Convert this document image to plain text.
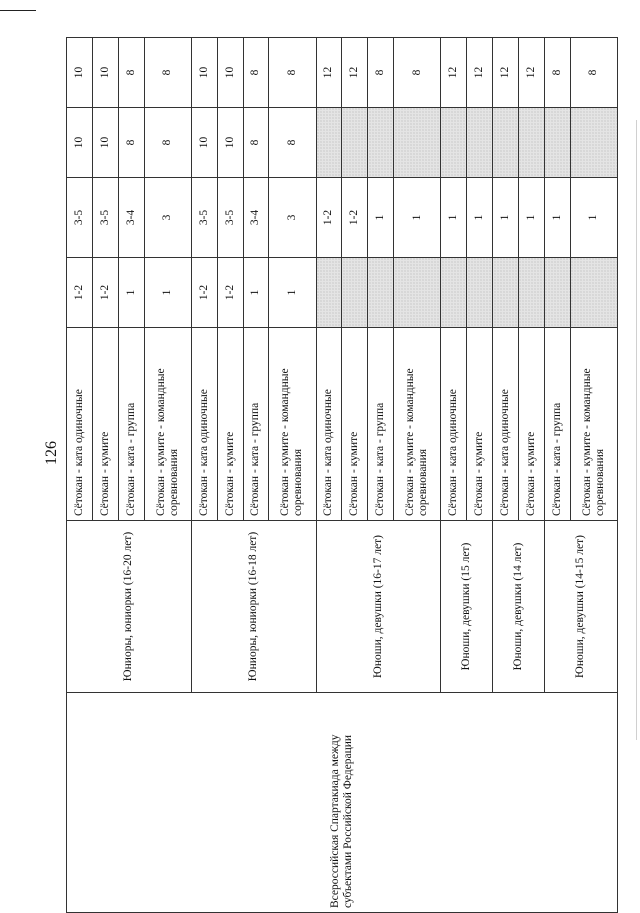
126
Всероссийская Спартакиада между субъектами Российской Федерации	Юниоры, юниорки (16-20 лет)	Сётокан - ката одиночные	1-2	3-5	10	10
		Сётокан - кумите	1-2	3-5	10	10
		Сётокан - ката - группа	1	3-4	8	8
		Сётокан - кумите - командные соревнования	1	3	8	8
	Юниоры, юниорки (16-18 лет)	Сётокан - ката одиночные	1-2	3-5	10	10
		Сётокан - кумите	1-2	3-5	10	10
		Сётокан - ката - группа	1	3-4	8	8
		Сётокан - кумите - командные соревнования	1	3	8	8
	Юноши, девушки (16-17 лет)	Сётокан - ката одиночные		1-2		12
		Сётокан - кумите		1-2		12
		Сётокан - ката - группа		1		8
		Сётокан - кумите - командные соревнования		1		8
	Юноши, девушки (15 лет)	Сётокан - ката одиночные		1		12
		Сётокан - кумите		1		12
	Юноши, девушки (14 лет)	Сётокан - ката одиночные		1		12
		Сётокан - кумите		1		12
	Юноши, девушки (14-15 лет)	Сётокан - ката - группа		1		8
		Сётокан - кумите - командные соревнования		1		8
